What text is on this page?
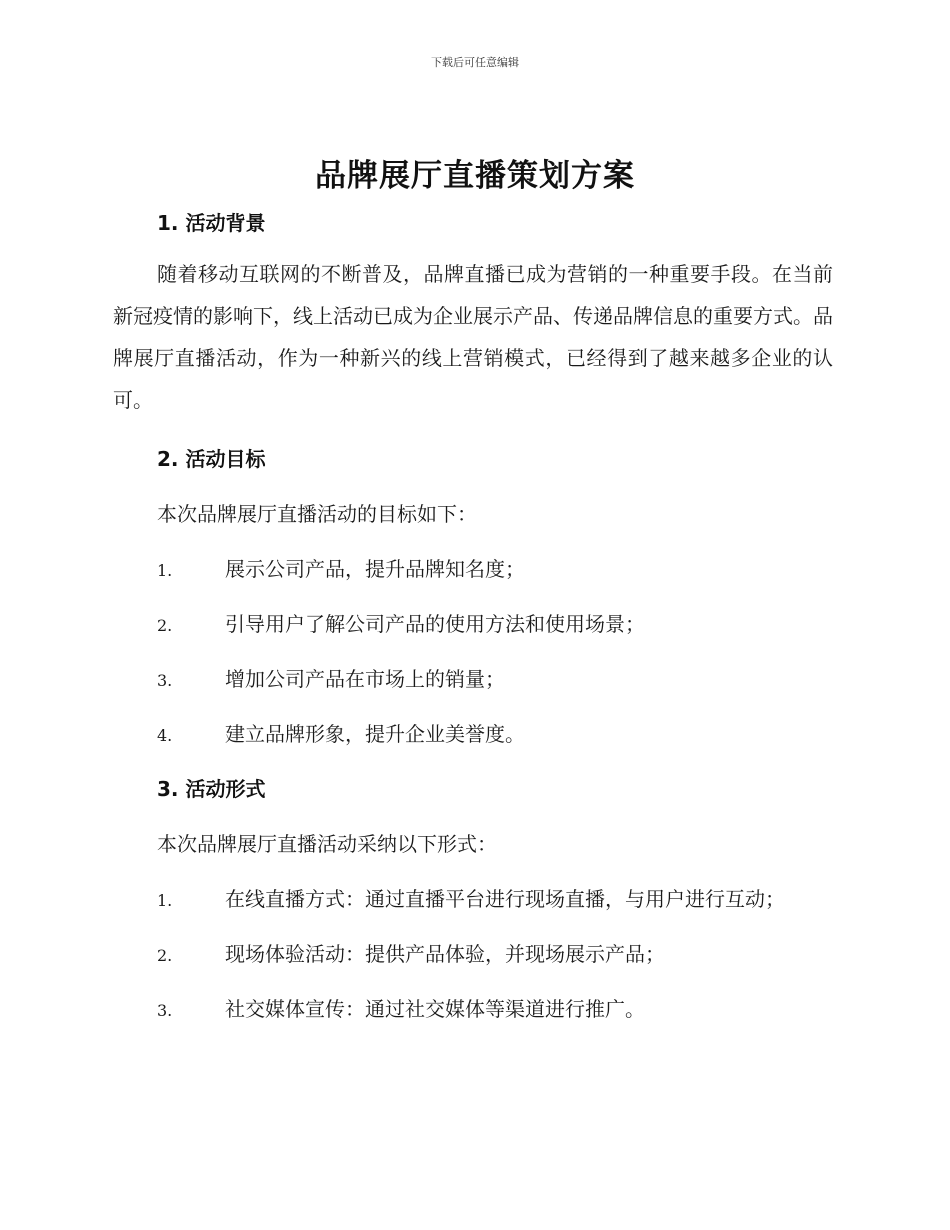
下载后可任意编辑
品牌展厅直播策划方案
1. 活动背景
随着移动互联网的不断普及，品牌直播已成为营销的一种重要手段。在当前新冠疫情的影响下，线上活动已成为企业展示产品、传递品牌信息的重要方式。品牌展厅直播活动，作为一种新兴的线上营销模式，已经得到了越来越多企业的认可。
2. 活动目标
本次品牌展厅直播活动的目标如下：
1.	展示公司产品，提升品牌知名度；
2.	引导用户了解公司产品的使用方法和使用场景；
3.	增加公司产品在市场上的销量；
4.	建立品牌形象，提升企业美誉度。
3. 活动形式
本次品牌展厅直播活动采纳以下形式：
1.	在线直播方式：通过直播平台进行现场直播，与用户进行互动；
2.	现场体验活动：提供产品体验，并现场展示产品；
3.	社交媒体宣传：通过社交媒体等渠道进行推广。
